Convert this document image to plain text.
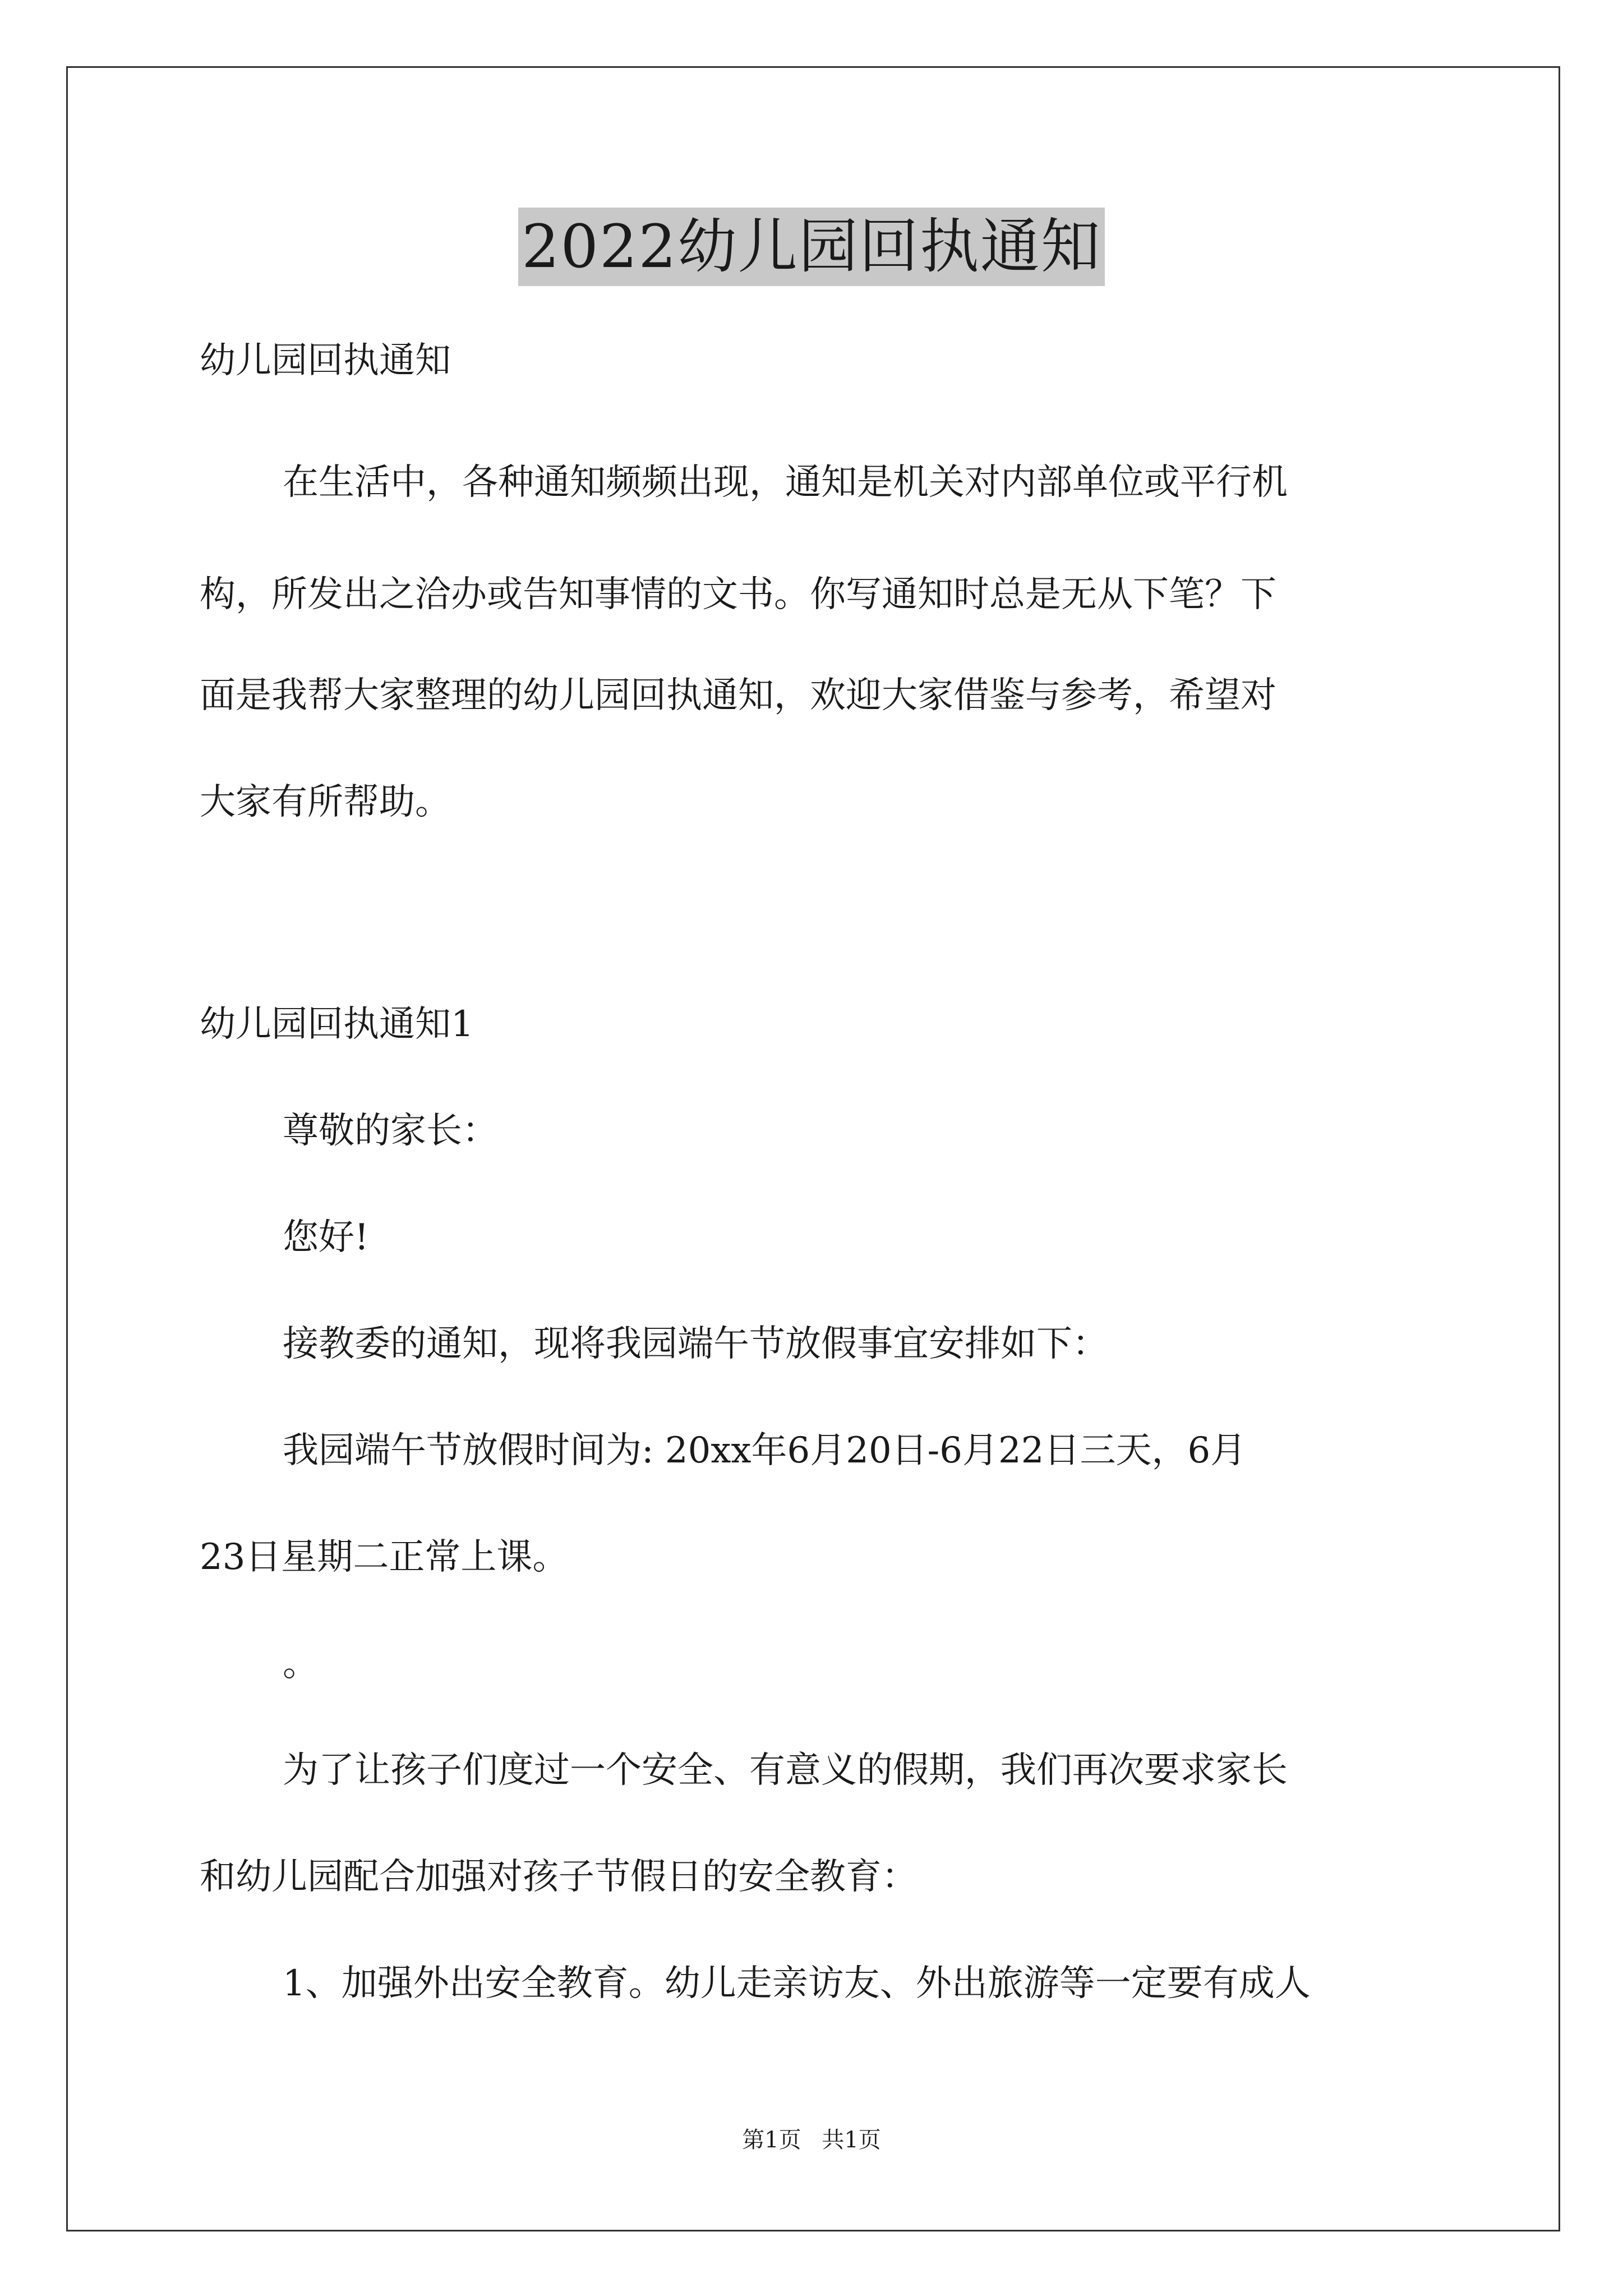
2022幼儿园回执通知
幼儿园回执通知
在生活中，各种通知频频出现，通知是机关对内部单位或平行机
构，所发出之洽办或告知事情的文书。你写通知时总是无从下笔？下
面是我帮大家整理的幼儿园回执通知，欢迎大家借鉴与参考，希望对
大家有所帮助。
幼儿园回执通知1
尊敬的家长：
您好!
接教委的通知，现将我园端午节放假事宜安排如下：
我园端午节放假时间为: 20xx年6月20日-6月22日三天，6月
23日星期二正常上课。
。
为了让孩子们度过一个安全、有意义的假期，我们再次要求家长
和幼儿园配合加强对孩子节假日的安全教育：
1、加强外出安全教育。幼儿走亲访友、外出旅游等一定要有成人
第1页 共1页
